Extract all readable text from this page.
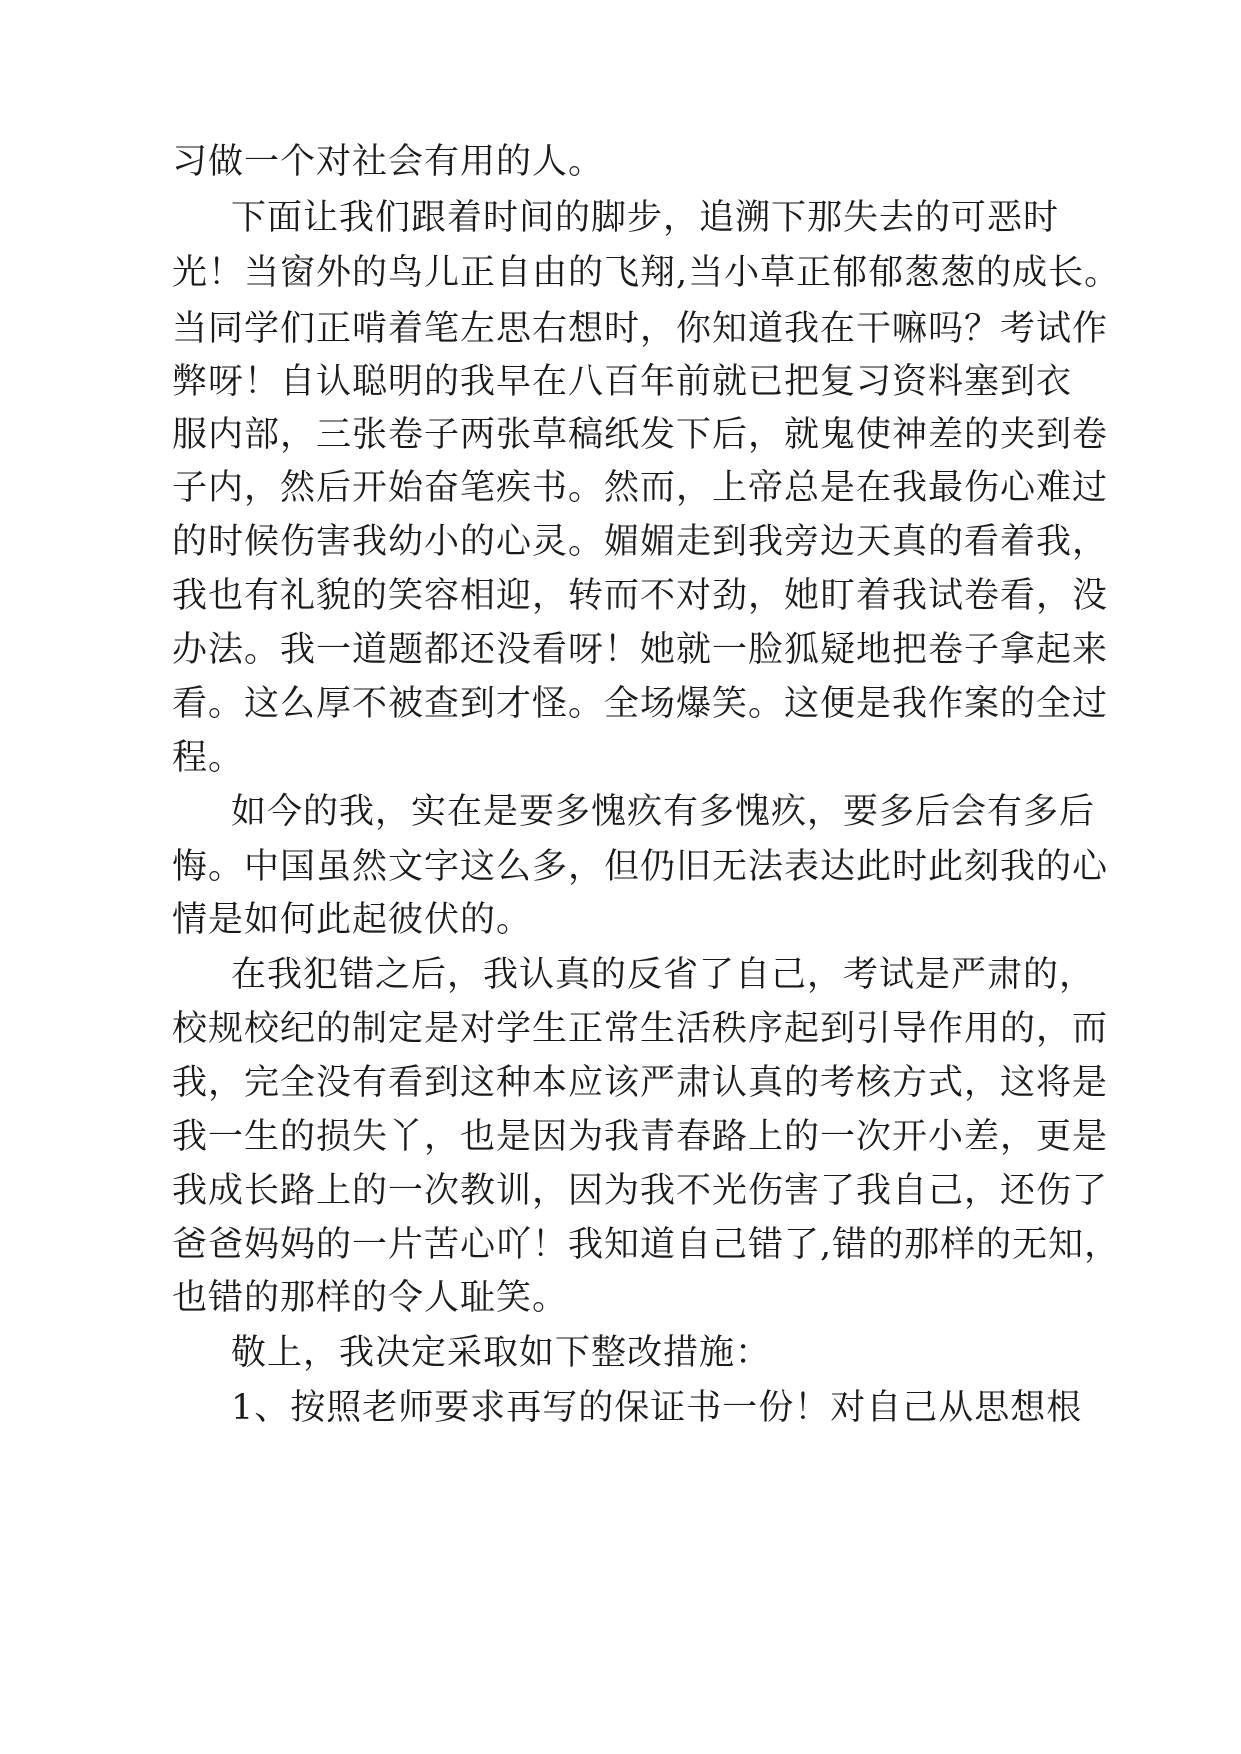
习做一个对社会有用的人。
下面让我们跟着时间的脚步，追溯下那失去的可恶时
光！当窗外的鸟儿正自由的飞翔,当小草正郁郁葱葱的成长。
当同学们正啃着笔左思右想时，你知道我在干嘛吗？考试作
弊呀！自认聪明的我早在八百年前就已把复习资料塞到衣
服内部，三张卷子两张草稿纸发下后，就鬼使神差的夹到卷
子内，然后开始奋笔疾书。然而，上帝总是在我最伤心难过
的时候伤害我幼小的心灵。媚媚走到我旁边天真的看着我，
我也有礼貌的笑容相迎，转而不对劲，她盯着我试卷看，没
办法。我一道题都还没看呀！她就一脸狐疑地把卷子拿起来
看。这么厚不被查到才怪。全场爆笑。这便是我作案的全过
程。
如今的我，实在是要多愧疚有多愧疚，要多后会有多后
悔。中国虽然文字这么多，但仍旧无法表达此时此刻我的心
情是如何此起彼伏的。
在我犯错之后，我认真的反省了自己，考试是严肃的，
校规校纪的制定是对学生正常生活秩序起到引导作用的，而
我，完全没有看到这种本应该严肃认真的考核方式，这将是
我一生的损失丫，也是因为我青春路上的一次开小差，更是
我成长路上的一次教训，因为我不光伤害了我自己，还伤了
爸爸妈妈的一片苦心吖！我知道自己错了,错的那样的无知，
也错的那样的令人耻笑。
敬上，我决定采取如下整改措施：
1、按照老师要求再写的保证书一份！对自己从思想根
